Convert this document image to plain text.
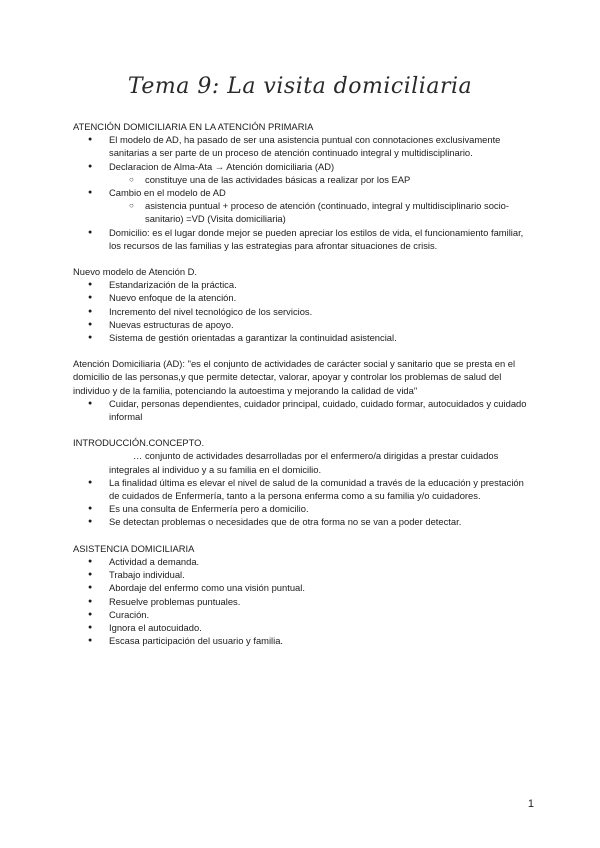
Tema 9: La visita domiciliaria

ATENCIÓN DOMICILIARIA EN LA ATENCIÓN PRIMARIA

● El modelo de AD, ha pasado de ser una asistencia puntual con connotaciones exclusivamente sanitarias a ser parte de un proceso de atención continuado integral y multidisciplinario.
● Declaracion de Alma-Ata → Atención domiciliaria (AD)
○ constituye una de las actividades básicas a realizar por los EAP
● Cambio en el modelo de AD
○ asistencia puntual + proceso de atención (continuado, integral y multidisciplinario socio-sanitario) =VD (Visita domiciliaria)
● Domicilio: es el lugar donde mejor se pueden apreciar los estilos de vida, el funcionamiento familiar, los recursos de las familias y las estrategias para afrontar situaciones de crisis.

Nuevo modelo de Atención D.

● Estandarización de la práctica.
● Nuevo enfoque de la atención.
● Incremento del nivel tecnológico de los servicios.
● Nuevas estructuras de apoyo.
● Sistema de gestión orientadas a garantizar la continuidad asistencial.

Atención Domiciliaria (AD): "es el conjunto de actividades de carácter social y sanitario que se presta en el domicilio de las personas,y que permite detectar, valorar, apoyar y controlar los problemas de salud del individuo y de la familia, potenciando la autoestima y mejorando la calidad de vida"

● Cuidar, personas dependientes, cuidador principal, cuidado, cuidado formar, autocuidados y cuidado informal

INTRODUCCIÓN.CONCEPTO.

… conjunto de actividades desarrolladas por el enfermero/a dirigidas a prestar cuidados integrales al individuo y a su familia en el domicilio.

● La finalidad última es elevar el nivel de salud de la comunidad a través de la educación y prestación de cuidados de Enfermería, tanto a la persona enferma como a su familia y/o cuidadores.
● Es una consulta de Enfermería pero a domicilio.
● Se detectan problemas o necesidades que de otra forma no se van a poder detectar.

ASISTENCIA DOMICILIARIA

● Actividad a demanda.
● Trabajo individual.
● Abordaje del enfermo como una visión puntual.
● Resuelve problemas puntuales.
● Curación.
● Ignora el autocuidado.
● Escasa participación del usuario y familia.
1
